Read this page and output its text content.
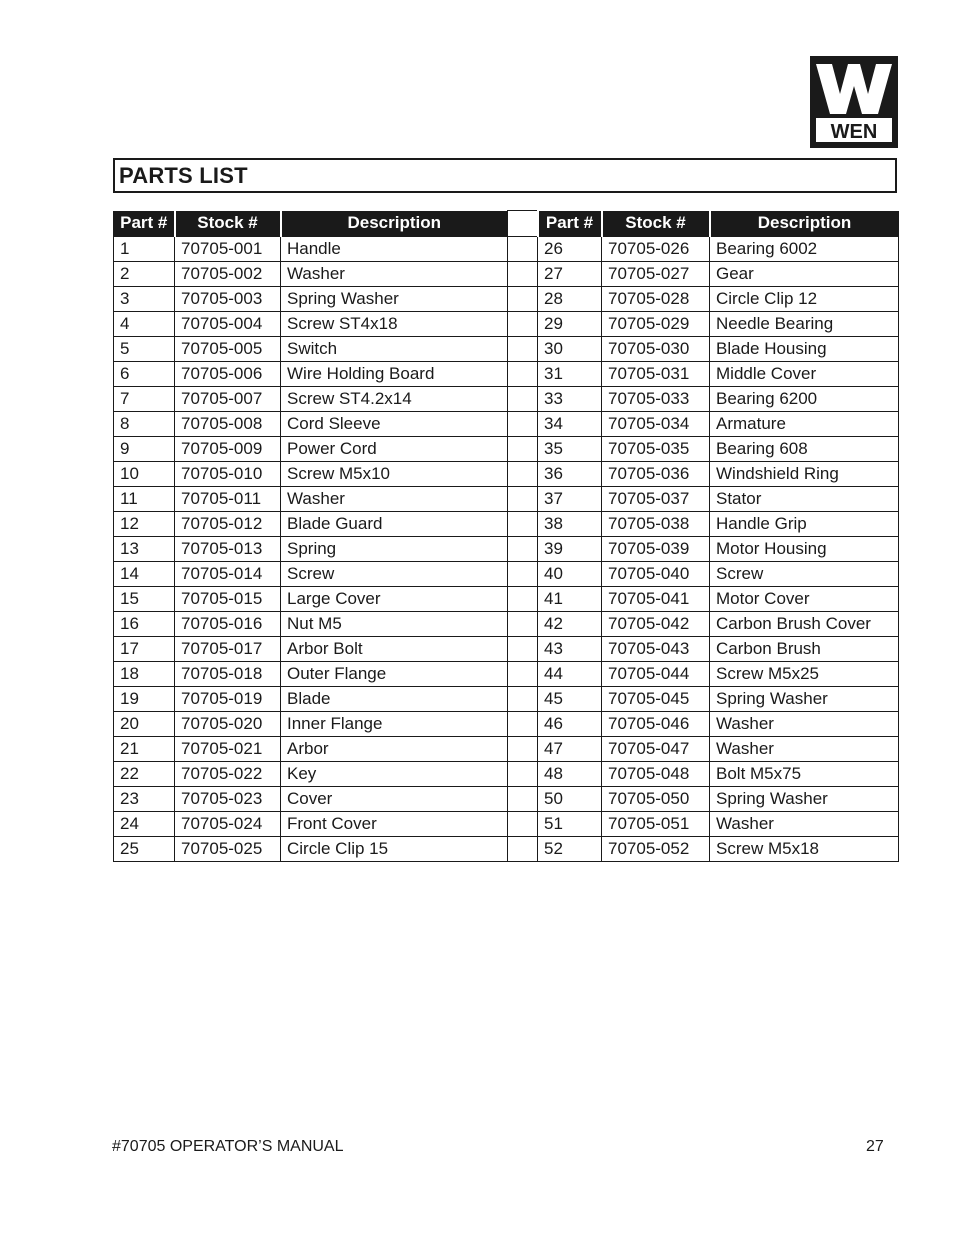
WEN
PARTS LIST
Part #	Stock #	Description		Part #	Stock #	Description
1	70705-001	Handle		26	70705-026	Bearing 6002
2	70705-002	Washer		27	70705-027	Gear
3	70705-003	Spring Washer		28	70705-028	Circle Clip 12
4	70705-004	Screw ST4x18		29	70705-029	Needle Bearing
5	70705-005	Switch		30	70705-030	Blade Housing
6	70705-006	Wire Holding Board		31	70705-031	Middle Cover
7	70705-007	Screw ST4.2x14		33	70705-033	Bearing 6200
8	70705-008	Cord Sleeve		34	70705-034	Armature
9	70705-009	Power Cord		35	70705-035	Bearing 608
10	70705-010	Screw M5x10		36	70705-036	Windshield Ring
11	70705-011	Washer		37	70705-037	Stator
12	70705-012	Blade Guard		38	70705-038	Handle Grip
13	70705-013	Spring		39	70705-039	Motor Housing
14	70705-014	Screw		40	70705-040	Screw
15	70705-015	Large Cover		41	70705-041	Motor Cover
16	70705-016	Nut M5		42	70705-042	Carbon Brush Cover
17	70705-017	Arbor Bolt		43	70705-043	Carbon Brush
18	70705-018	Outer Flange		44	70705-044	Screw M5x25
19	70705-019	Blade		45	70705-045	Spring Washer
20	70705-020	Inner Flange		46	70705-046	Washer
21	70705-021	Arbor		47	70705-047	Washer
22	70705-022	Key		48	70705-048	Bolt M5x75
23	70705-023	Cover		50	70705-050	Spring Washer
24	70705-024	Front Cover		51	70705-051	Washer
25	70705-025	Circle Clip 15		52	70705-052	Screw M5x18
#70705 OPERATOR’S MANUAL	27
